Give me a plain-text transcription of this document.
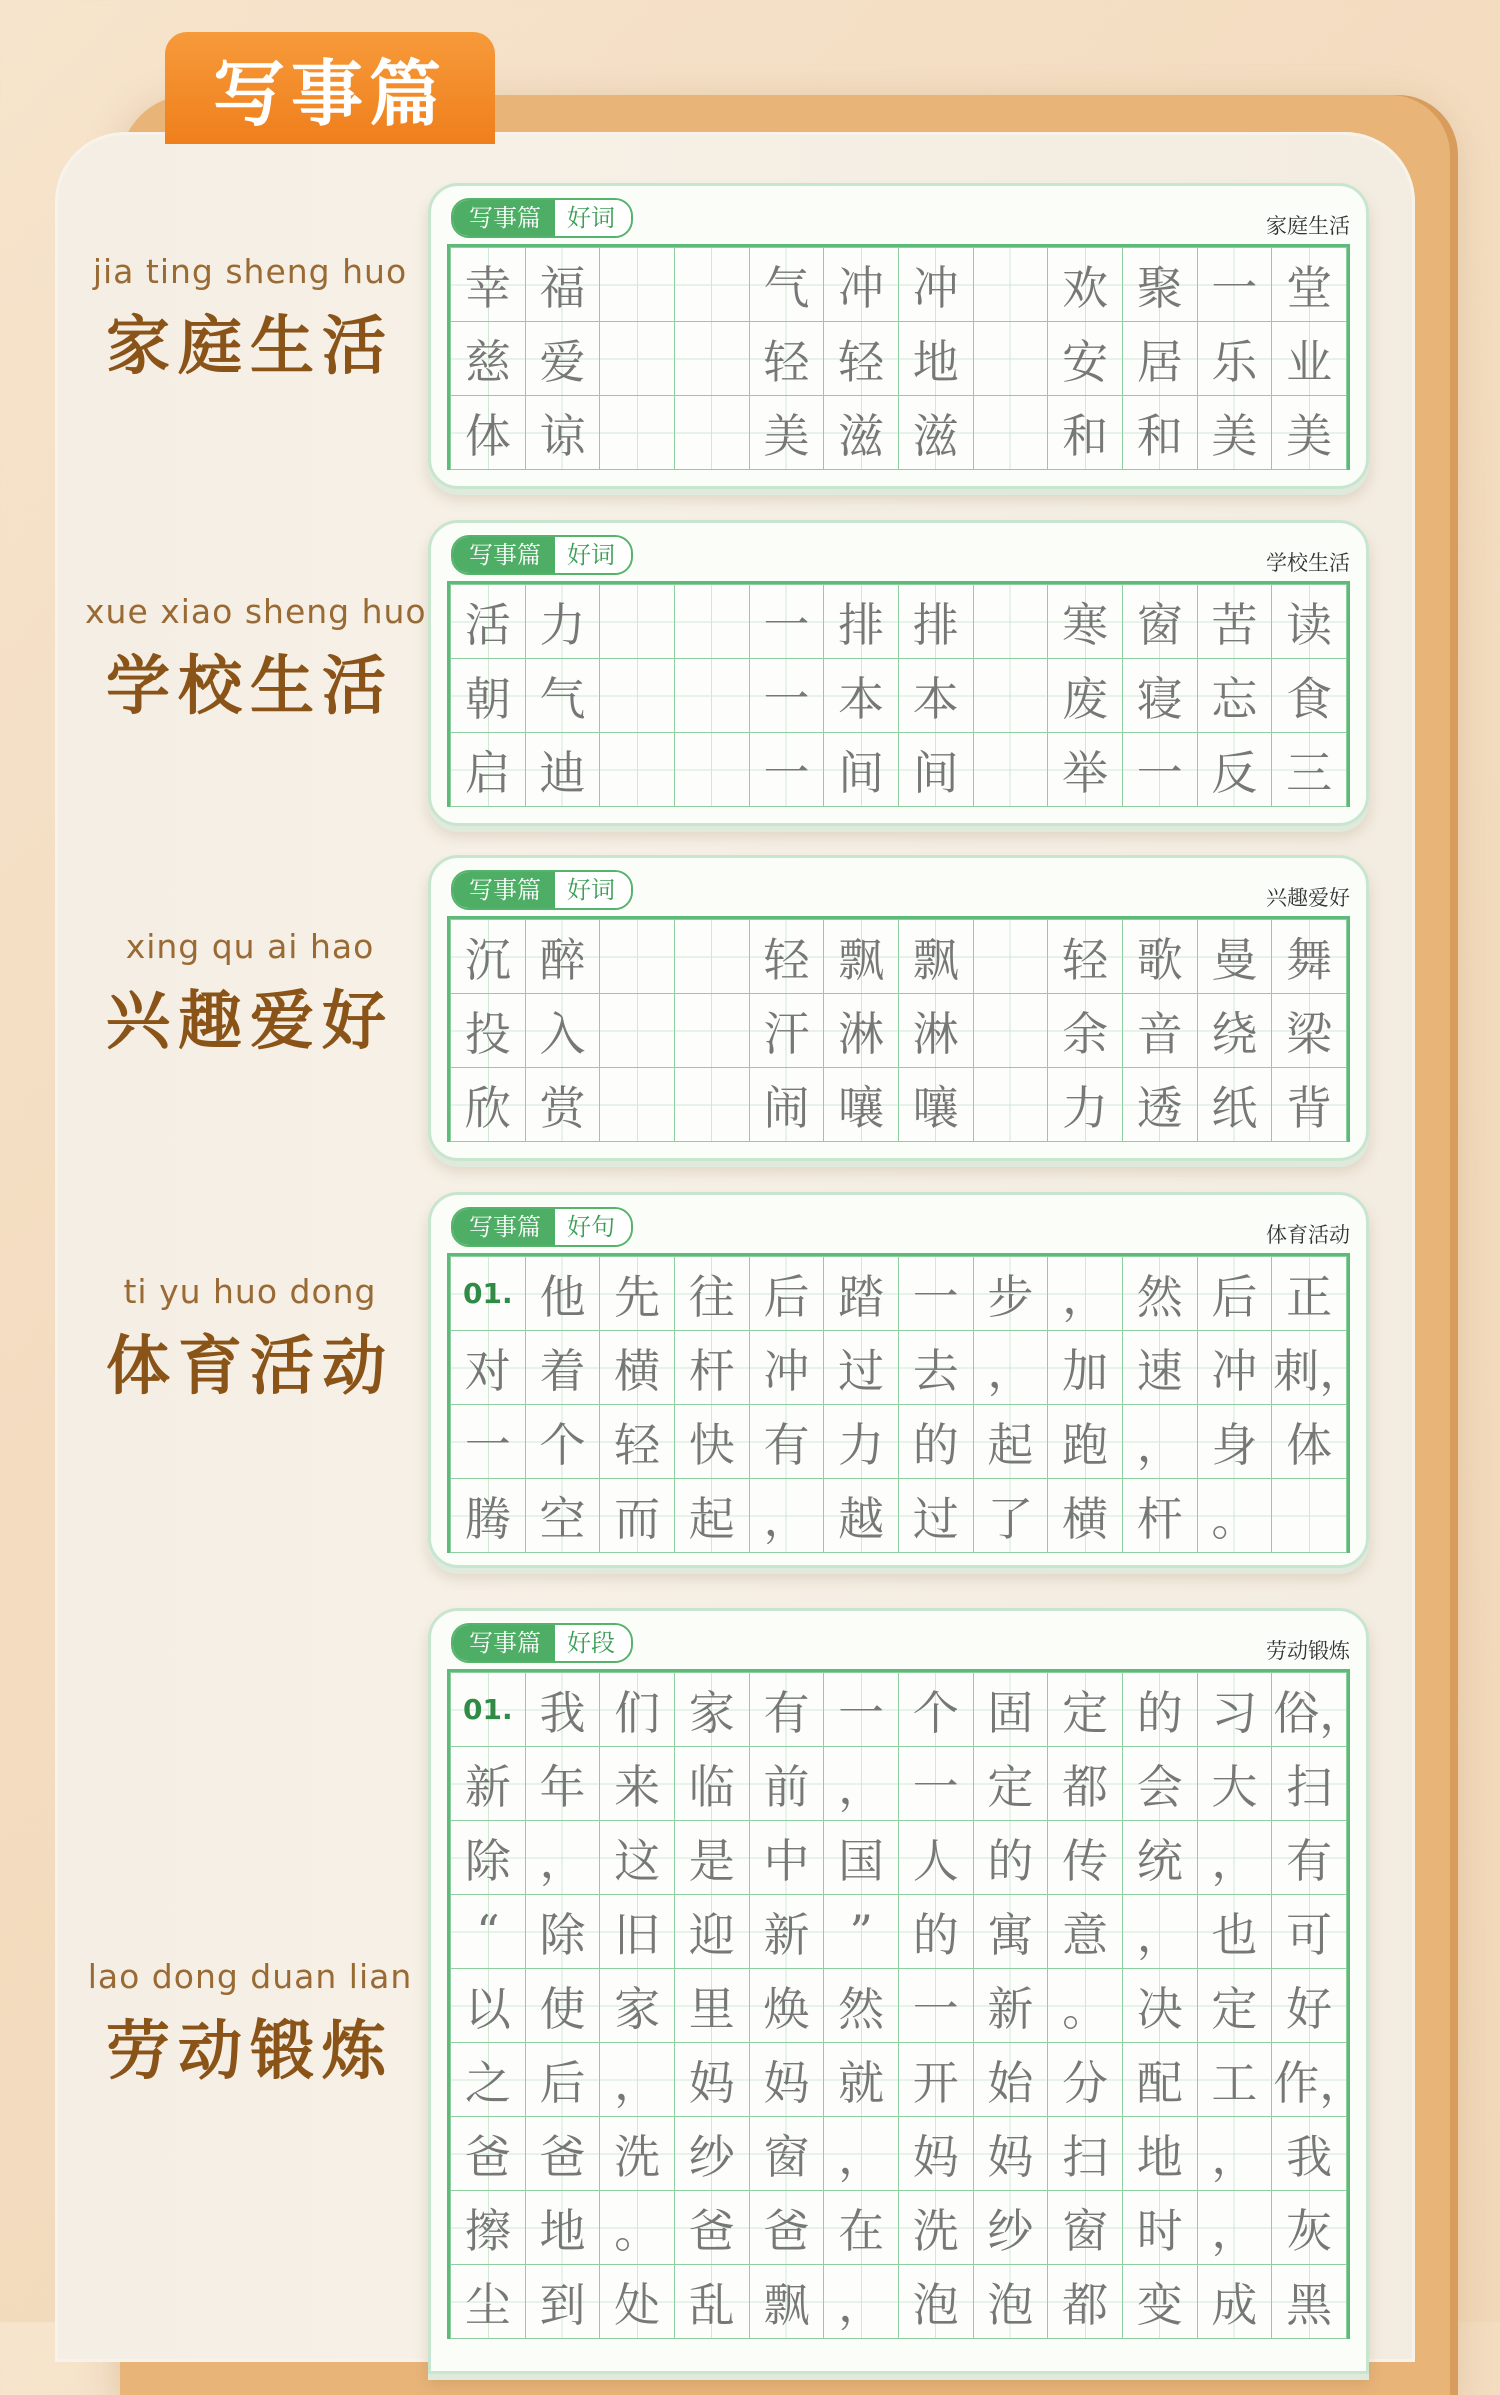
写事篇
jia ting sheng huo
家庭生活
写事篇	好词	家庭生活
幸	福			气	冲	冲		欢	聚	一	堂
慈	爱			轻	轻	地		安	居	乐	业
体	谅			美	滋	滋		和	和	美	美
xue xiao sheng huo
学校生活
写事篇	好词	学校生活
活	力			一	排	排		寒	窗	苦	读
朝	气			一	本	本		废	寝	忘	食
启	迪			一	间	间		举	一	反	三
xing qu ai hao
兴趣爱好
写事篇	好词	兴趣爱好
沉	醉			轻	飘	飘		轻	歌	曼	舞
投	入			汗	淋	淋		余	音	绕	梁
欣	赏			闹	嚷	嚷		力	透	纸	背
ti yu huo dong
体育活动
写事篇	好句	体育活动
01.	他	先	往	后	踏	一	步	，	然	后	正
对	着	横	杆	冲	过	去	，	加	速	冲	刺，
一	个	轻	快	有	力	的	起	跑	，	身	体
腾	空	而	起	，	越	过	了	横	杆	。	
lao dong duan lian
劳动锻炼
写事篇	好段	劳动锻炼
01.	我	们	家	有	一	个	固	定	的	习	俗，
新	年	来	临	前	，	一	定	都	会	大	扫
除	，	这	是	中	国	人	的	传	统	，	有
“	除	旧	迎	新	”	的	寓	意	，	也	可
以	使	家	里	焕	然	一	新	。	决	定	好
之	后	，	妈	妈	就	开	始	分	配	工	作，
爸	爸	洗	纱	窗	，	妈	妈	扫	地	，	我
擦	地	。	爸	爸	在	洗	纱	窗	时	，	灰
尘	到	处	乱	飘	，	泡	泡	都	变	成	黑
